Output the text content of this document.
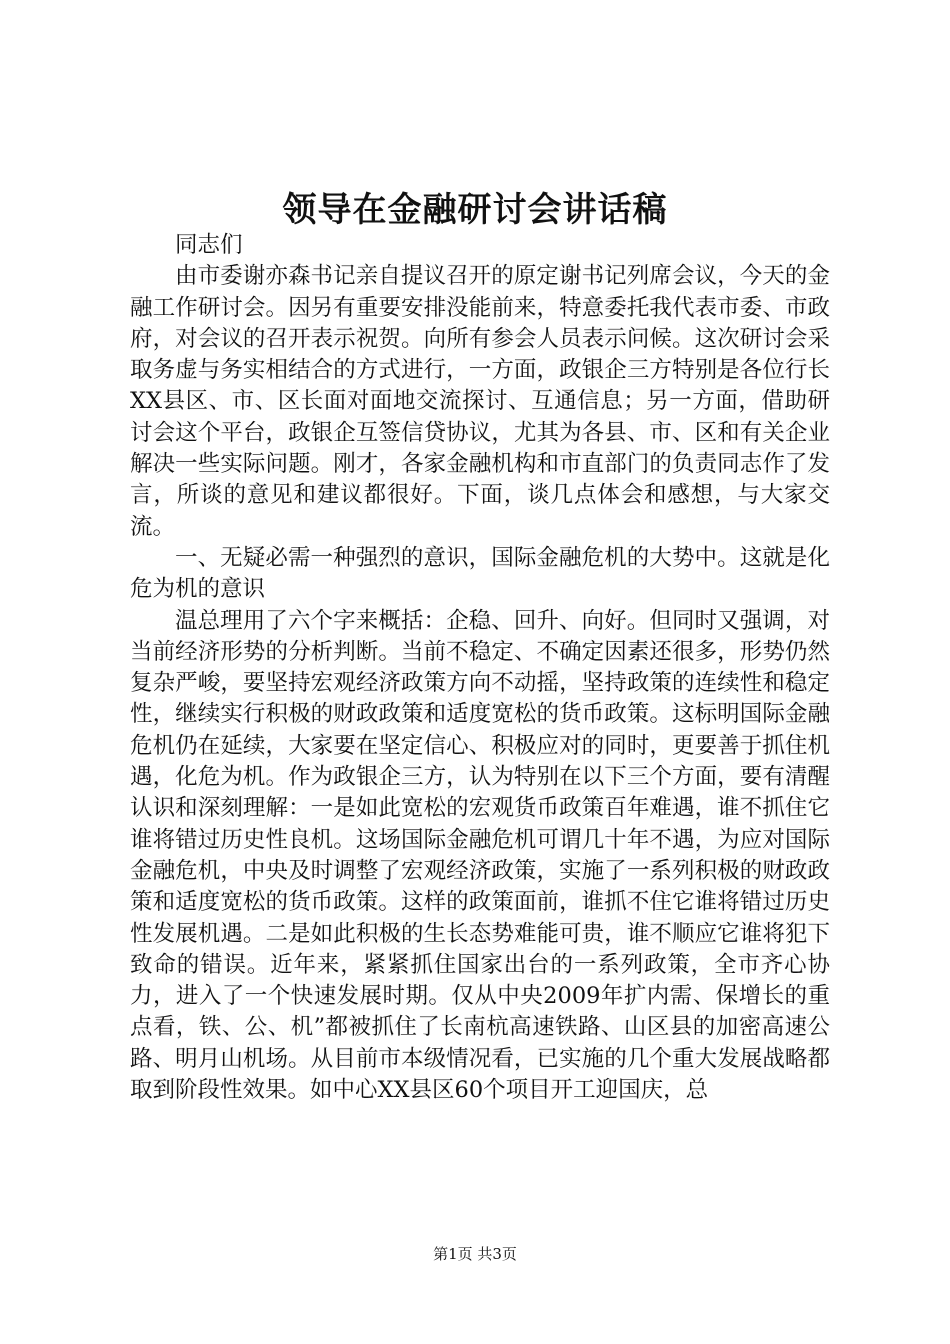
领导在金融研讨会讲话稿

同志们

由市委谢亦森书记亲自提议召开的原定谢书记列席会议，今天的金融工作研讨会。因另有重要安排没能前来，特意委托我代表市委、市政府，对会议的召开表示祝贺。向所有参会人员表示问候。这次研讨会采取务虚与务实相结合的方式进行，一方面，政银企三方特别是各位行长XX县区、市、区长面对面地交流探讨、互通信息；另一方面，借助研讨会这个平台，政银企互签信贷协议，尤其为各县、市、区和有关企业解决一些实际问题。刚才，各家金融机构和市直部门的负责同志作了发言，所谈的意见和建议都很好。下面，谈几点体会和感想，与大家交流。

一、无疑必需一种强烈的意识，国际金融危机的大势中。这就是化危为机的意识

温总理用了六个字来概括：企稳、回升、向好。但同时又强调，对当前经济形势的分析判断。当前不稳定、不确定因素还很多，形势仍然复杂严峻，要坚持宏观经济政策方向不动摇，坚持政策的连续性和稳定性，继续实行积极的财政政策和适度宽松的货币政策。这标明国际金融危机仍在延续，大家要在坚定信心、积极应对的同时，更要善于抓住机遇，化危为机。作为政银企三方，认为特别在以下三个方面，要有清醒认识和深刻理解：一是如此宽松的宏观货币政策百年难遇，谁不抓住它谁将错过历史性良机。这场国际金融危机可谓几十年不遇，为应对国际金融危机，中央及时调整了宏观经济政策，实施了一系列积极的财政政策和适度宽松的货币政策。这样的政策面前，谁抓不住它谁将错过历史性发展机遇。二是如此积极的生长态势难能可贵，谁不顺应它谁将犯下致命的错误。近年来，紧紧抓住国家出台的一系列政策，全市齐心协力，进入了一个快速发展时期。仅从中央2009年扩内需、保增长的重点看，铁、公、机”都被抓住了长南杭高速铁路、山区县的加密高速公路、明月山机场。从目前市本级情况看，已实施的几个重大发展战略都取到阶段性效果。如中心XX县区60个项目开工迎国庆，总

第1页 共3页
